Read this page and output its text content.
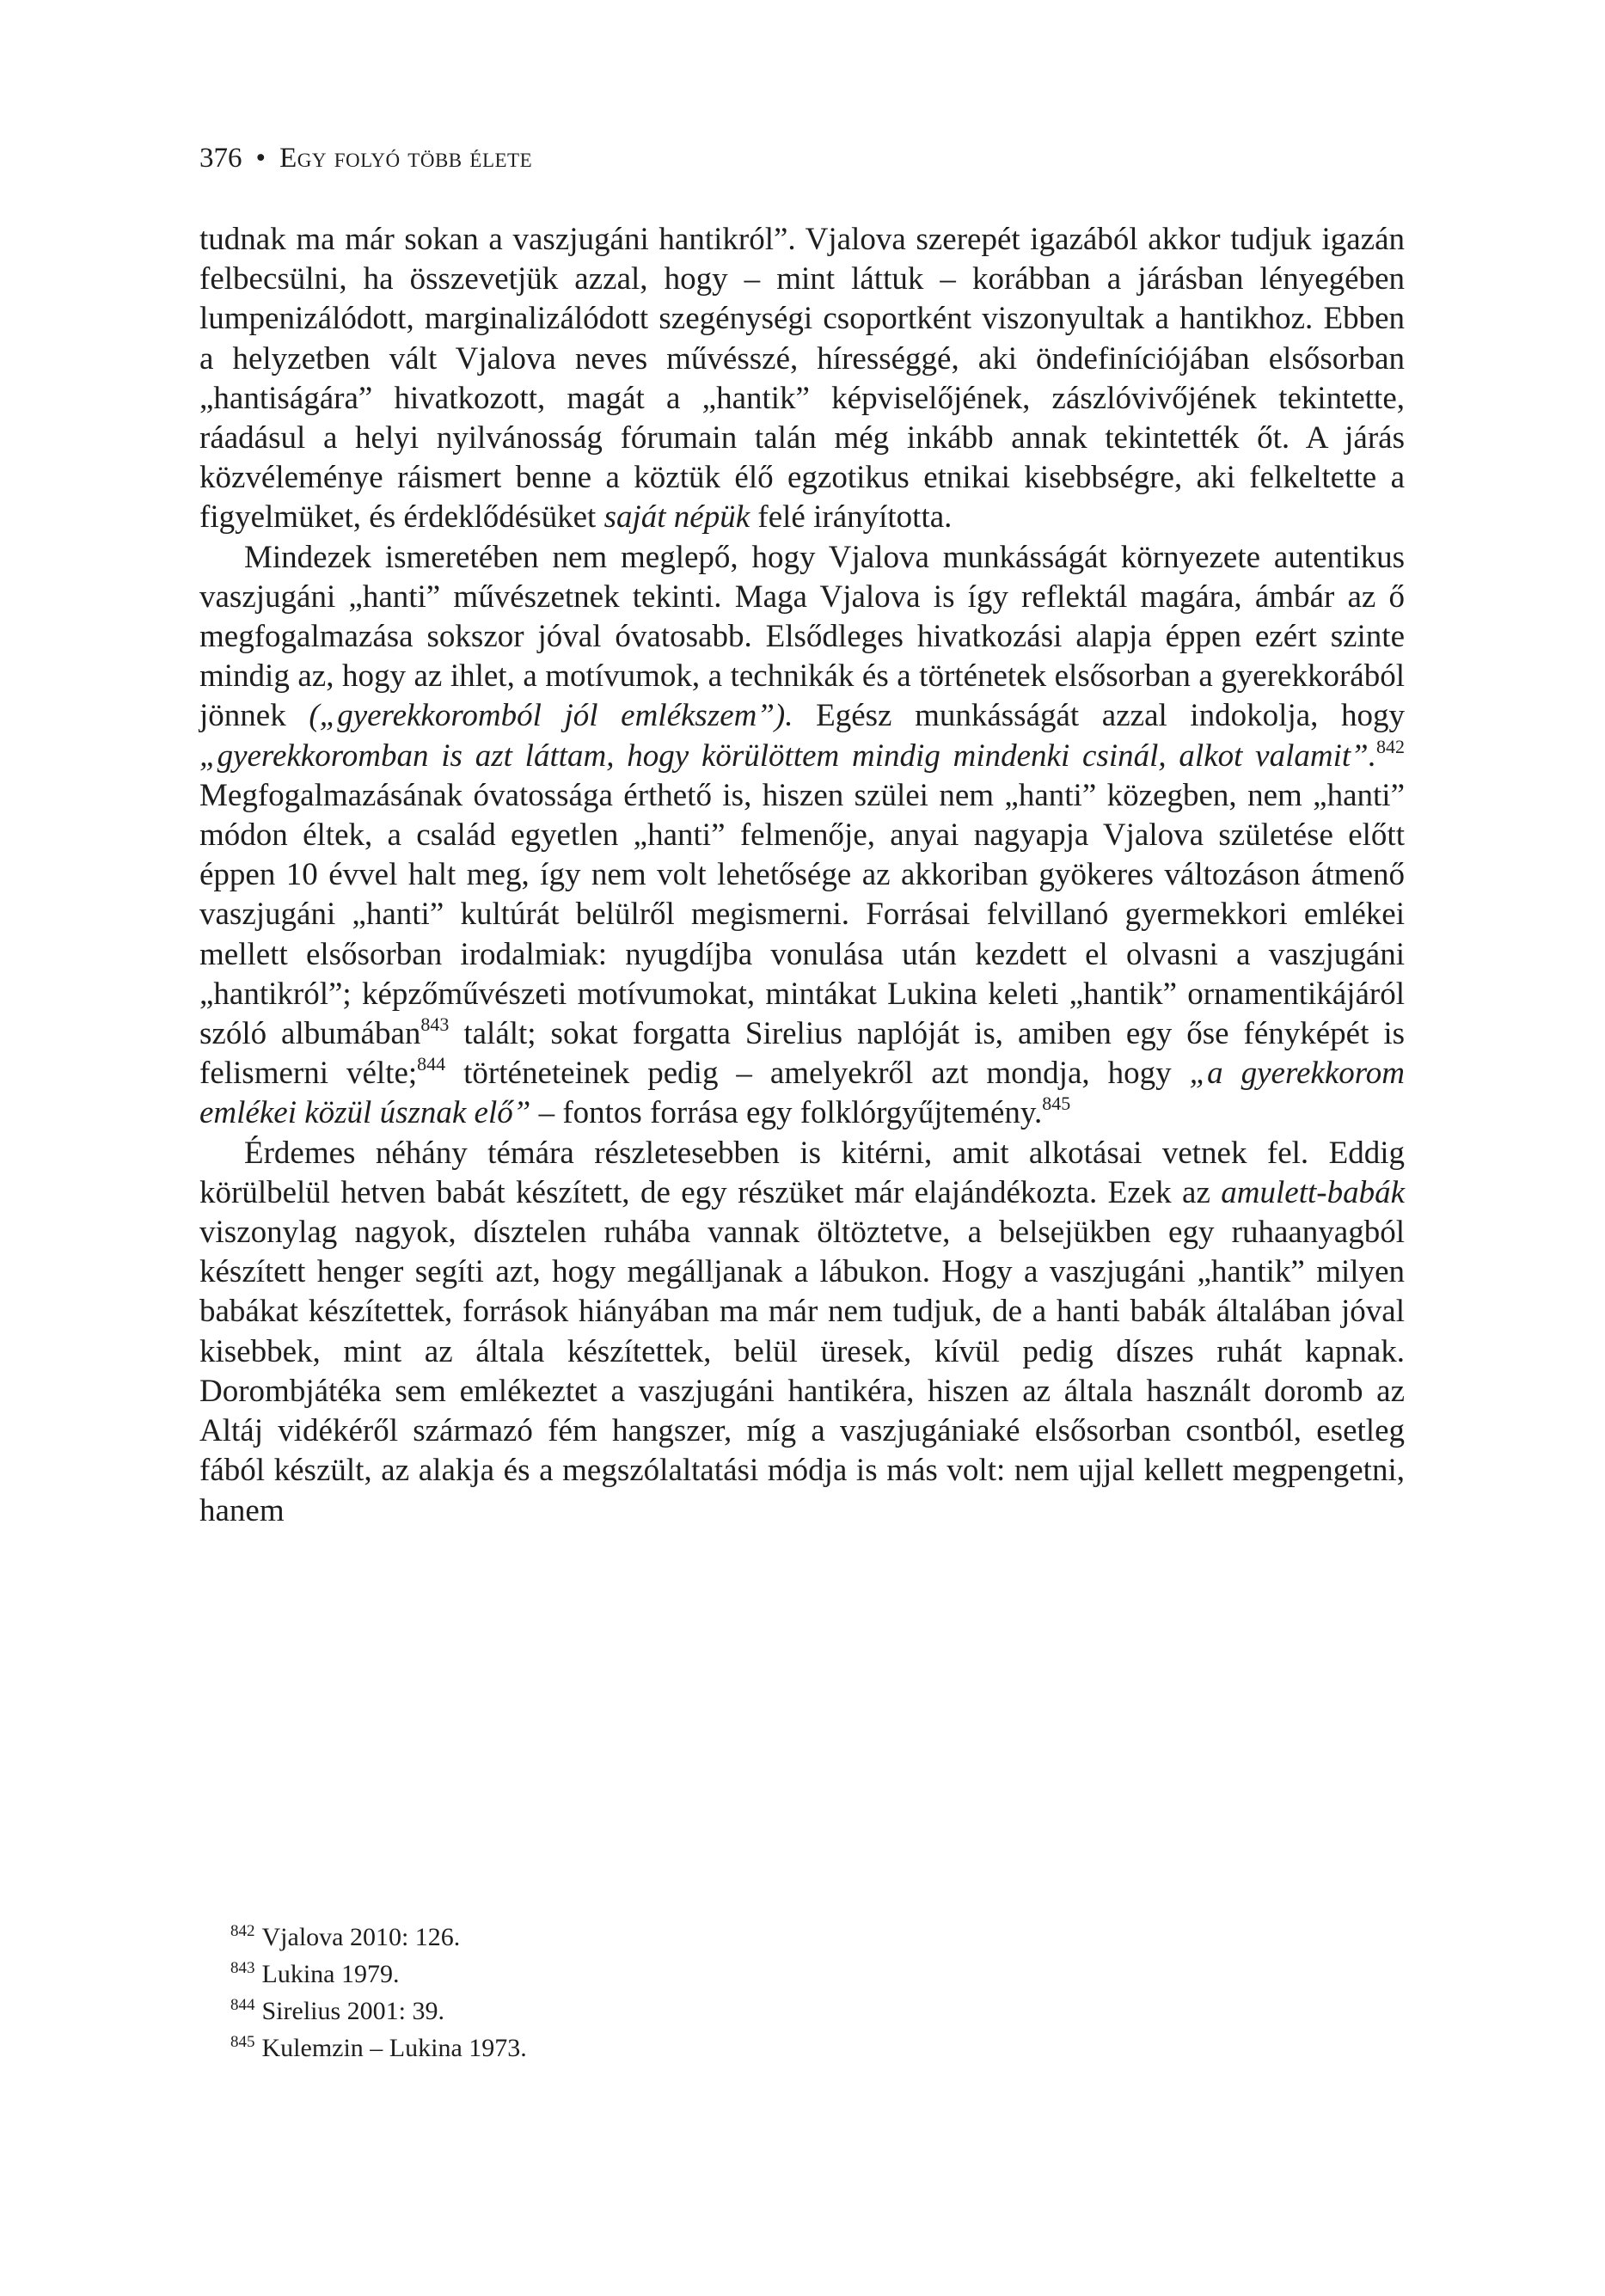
376 • Egy folyó több élete

tudnak ma már sokan a vaszjugáni hantikról”. Vjalova szerepét igazából akkor tudjuk igazán felbecsülni, ha összevetjük azzal, hogy – mint láttuk – korábban a járásban lényegében lumpenizálódott, marginalizálódott szegénységi csoportként viszonyultak a hantikhoz. Ebben a helyzetben vált Vjalova neves művésszé, hírességgé, aki öndefiníciójában elsősorban „hantiságára” hivatkozott, magát a „hantik” képviselőjének, zászlóvivőjének tekintette, ráadásul a helyi nyilvánosság fórumain talán még inkább annak tekintették őt. A járás közvéleménye ráismert benne a köztük élő egzotikus etnikai kisebbségre, aki felkeltette a figyelmüket, és érdeklődésüket saját népük felé irányította.

Mindezek ismeretében nem meglepő, hogy Vjalova munkásságát környezete autentikus vaszjugáni „hanti” művészetnek tekinti. Maga Vjalova is így reflektál magára, ámbár az ő megfogalmazása sokszor jóval óvatosabb. Elsődleges hivatkozási alapja éppen ezért szinte mindig az, hogy az ihlet, a motívumok, a technikák és a történetek elsősorban a gyerekkorából jönnek („gyerekkoromból jól emlékszem”). Egész munkásságát azzal indokolja, hogy „gyerekkoromban is azt láttam, hogy körülöttem mindig mindenki csinál, alkot valamit”.$^{842}$ Megfogalmazásának óvatossága érthető is, hiszen szülei nem „hanti” közegben, nem „hanti” módon éltek, a család egyetlen „hanti” felmenője, anyai nagyapja Vjalova születése előtt éppen 10 évvel halt meg, így nem volt lehetősége az akkoriban gyökeres változáson átmenő vaszjugáni „hanti” kultúrát belülről megismerni. Forrásai felvillanó gyermekkori emlékei mellett elsősorban irodalmiak: nyugdíjba vonulása után kezdett el olvasni a vaszjugáni „hantikról”; képzőművészeti motívumokat, mintákat Lukina keleti „hantik” ornamentikájáról szóló albumában$^{843}$ talált; sokat forgatta Sirelius naplóját is, amiben egy őse fényképét is felismerni vélte;$^{844}$ történeteinek pedig – amelyekről azt mondja, hogy „a gyerekkorom emlékei közül úsznak elő” – fontos forrása egy folklórgyűjtemény.$^{845}$

Érdemes néhány témára részletesebben is kitérni, amit alkotásai vetnek fel. Eddig körülbelül hetven babát készített, de egy részüket már elajándékozta. Ezek az amulett-babák viszonylag nagyok, dísztelen ruhába vannak öltöztetve, a belsejükben egy ruhaanyagból készített henger segíti azt, hogy megálljanak a lábukon. Hogy a vaszjugáni „hantik” milyen babákat készítettek, források hiányában ma már nem tudjuk, de a hanti babák általában jóval kisebbek, mint az általa készítettek, belül üresek, kívül pedig díszes ruhát kapnak. Dorombjátéka sem emlékeztet a vaszjugáni hantikéra, hiszen az általa használt doromb az Altáj vidékéről származó fém hangszer, míg a vaszjugániaké elsősorban csontból, esetleg fából készült, az alakja és a megszólaltatási módja is más volt: nem ujjal kellett megpengetni, hanem

$^{842}$ Vjalova 2010: 126.
$^{843}$ Lukina 1979.
$^{844}$ Sirelius 2001: 39.
$^{845}$ Kulemzin – Lukina 1973.
